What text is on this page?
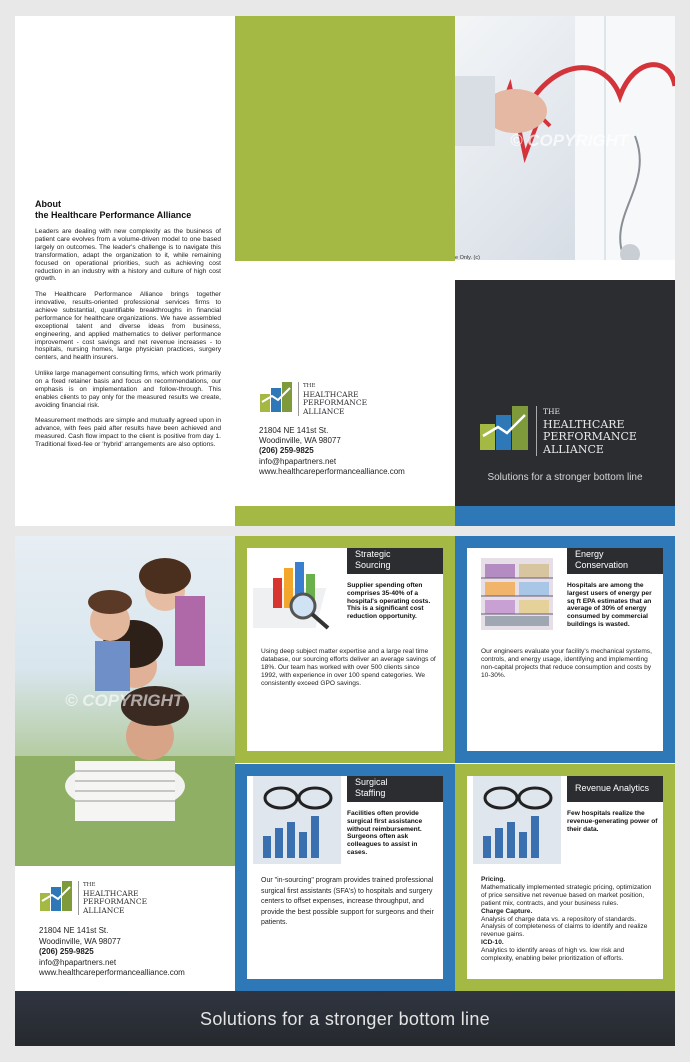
About
the Healthcare Performance Alliance

Leaders are dealing with new complexity as the business of patient care evolves from a volume-driven model to one based largely on outcomes. The leader's challenge is to navigate this transformation, adapt the organization to it, while remaining focused on operational priorities, such as achieving cost reduction in an industry with a history and culture of high cost growth.

The Healthcare Performance Alliance brings together innovative, results-oriented professional services firms to achieve substantial, quantifiable breakthroughs in financial performance for healthcare organizations. We have assembled exceptional talent and diverse ideas from business, engineering, and applied mathematics to deliver performance improvement - cost savings and net revenue increases - to hospitals, nursing homes, large physician practices, surgery centers, and health insurers.

Unlike large management consulting firms, which work primarily on a fixed retainer basis and focus on recommendations, our emphasis is on implementation and follow-through. This enables clients to pay only for the measured results we create, avoiding financial risk.

Measurement methods are simple and mutually agreed upon in advance, with fees paid after results have been achieved and measured. Cash flow impact to the client is positive from day 1. Traditional fixed-fee or 'hybrid' arrangements are also options.

THE
HEALTHCARE
PERFORMANCE
ALLIANCE
21804 NE 141st St.
Woodinville, WA 98077
(206) 259-9825
info@hpapartners.net
www.healthcareperformancealliance.com
© COPYRIGHT
e Only. (c)
THE
HEALTHCARE
PERFORMANCE
ALLIANCE
Solutions for a stronger bottom line
© COPYRIGHT
THE
HEALTHCARE
PERFORMANCE
ALLIANCE
21804 NE 141st St.
Woodinville, WA 98077
(206) 259-9825
info@hpapartners.net
www.healthcareperformancealliance.com
Strategic
Sourcing
Supplier spending often comprises 35-40% of a hospital's operating costs. This is a significant cost reduction opportunity.
Using deep subject matter expertise and a large real time database, our sourcing efforts deliver an average savings of 18%. Our team has worked with over 500 clients since 1992, with experience in over 100 spend categories. We consistently exceed GPO savings.
Energy
Conservation
Hospitals are among the largest users of energy per sq ft EPA estimates that an average of 30% of energy consumed by commercial buildings is wasted.
Our engineers evaluate your facility's mechanical systems, controls, and energy usage, identifying and implementing non-capital projects that reduce consumption and costs by 10-30%.
Surgical
Staffing
Facilities often provide surgical first assistance without reimbursement. Surgeons often ask colleagues to assist in cases.
Our "in-sourcing" program provides trained professional surgical first assistants (SFA's) to hospitals and surgery centers to offset expenses, increase throughput, and provide the best possible support for surgeons and their patients.
Revenue Analytics
Few hospitals realize the revenue-generating power of their data.
Pricing.
Mathematically implemented strategic pricing, optimization of price sensitive net revenue based on market position, patient mix, contracts, and your business rules.
Charge Capture.
Analysis of charge data vs. a repository of standards. Analysis of completeness of claims to identify and realize revenue gains.
ICD-10.
Analytics to identify areas of high vs. low risk and complexity, enabling beler prioritization of efforts.
Solutions for a stronger bottom line
